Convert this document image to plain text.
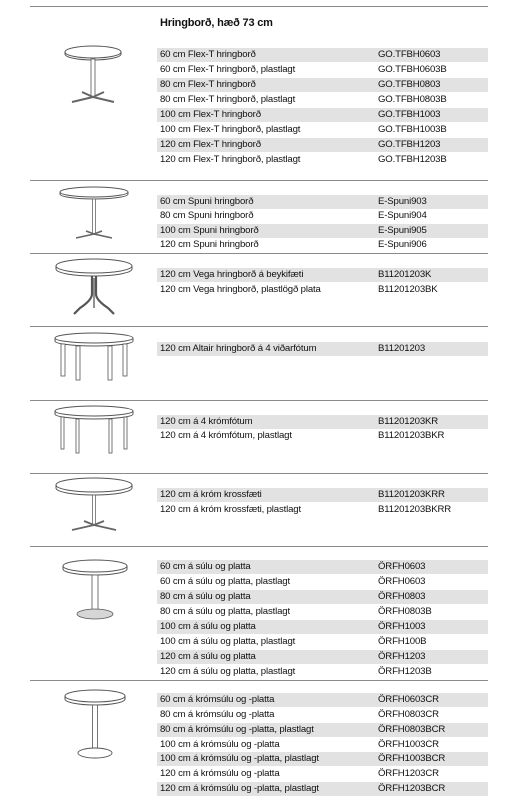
Hringborð, hæð 73 cm
60 cm Flex-T hringborð	GO.TFBH0603
60 cm Flex-T hringborð, plastlagt	GO.TFBH0603B
80 cm Flex-T hringborð	GO.TFBH0803
80 cm Flex-T hringborð, plastlagt	GO.TFBH0803B
100 cm Flex-T hringborð	GO.TFBH1003
100 cm Flex-T hringborð, plastlagt	GO.TFBH1003B
120 cm Flex-T hringborð	GO.TFBH1203
120 cm Flex-T hringborð, plastlagt	GO.TFBH1203B
60 cm Spuni hringborð	E-Spuni903
80 cm Spuni hringborð	E-Spuni904
100 cm Spuni hringborð	E-Spuni905
120 cm Spuni hringborð	E-Spuni906
120 cm Vega hringborð á beykifæti	B11201203K
120 cm Vega hringborð, plastlögð plata	B11201203BK
120 cm Altair hringborð á 4 viðarfótum	B11201203
120 cm á 4 krómfótum	B11201203KR
120 cm á 4 krómfótum, plastlagt	B11201203BKR
120 cm á króm krossfæti	B11201203KRR
120 cm á króm krossfæti, plastlagt	B11201203BKRR
60 cm á súlu og platta	ÖRFH0603
60 cm á súlu og platta, plastlagt	ÖRFH0603
80 cm á súlu og platta	ÖRFH0803
80 cm á súlu og platta, plastlagt	ÖRFH0803B
100 cm á súlu og platta	ÖRFH1003
100 cm á súlu og platta, plastlagt	ÖRFH100B
120 cm á súlu og platta	ÖRFH1203
120 cm á súlu og platta, plastlagt	ÖRFH1203B
60 cm á krómsúlu og -platta	ÖRFH0603CR
80 cm á krómsúlu og -platta	ÖRFH0803CR
80 cm á krómsúlu og -platta, plastlagt	ÖRFH0803BCR
100 cm á krómsúlu og -platta	ÖRFH1003CR
100 cm á krómsúlu og -platta, plastlagt	ÖRFH1003BCR
120 cm á krómsúlu og -platta	ÖRFH1203CR
120 cm á krómsúlu og -platta, plastlagt	ÖRFH1203BCR
